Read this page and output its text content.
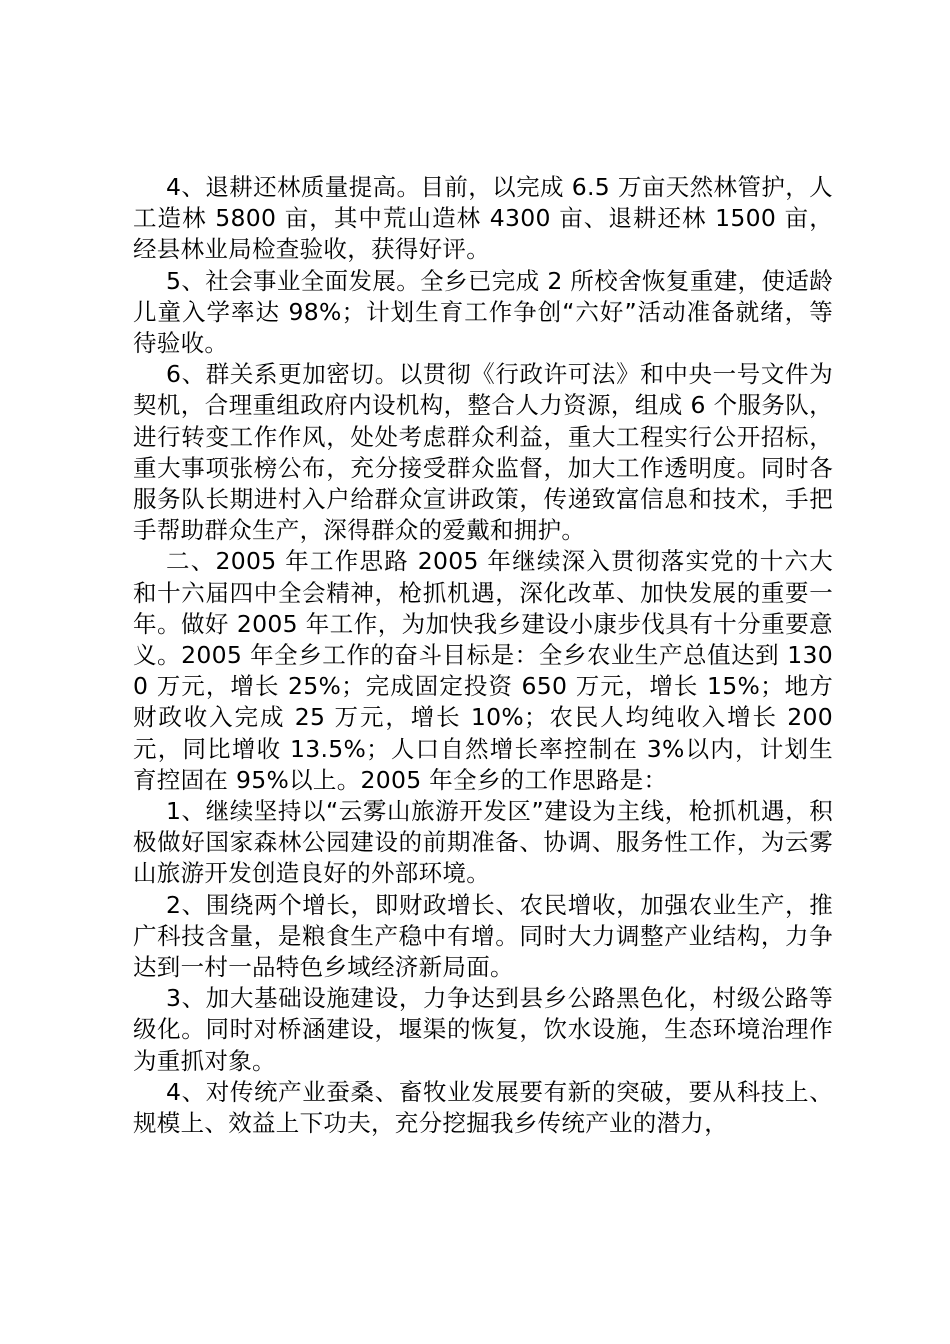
4、退耕还林质量提高。目前，以完成 6.5 万亩天然林管护，人工造林 5800 亩，其中荒山造林 4300 亩、退耕还林 1500 亩，经县林业局检查验收，获得好评。

5、社会事业全面发展。全乡已完成 2 所校舍恢复重建，使适龄儿童入学率达 98%；计划生育工作争创“六好”活动准备就绪，等待验收。

6、群关系更加密切。以贯彻《行政许可法》和中央一号文件为契机，合理重组政府内设机构，整合人力资源，组成 6 个服务队，进行转变工作作风，处处考虑群众利益，重大工程实行公开招标，重大事项张榜公布，充分接受群众监督，加大工作透明度。同时各服务队长期进村入户给群众宣讲政策，传递致富信息和技术，手把手帮助群众生产，深得群众的爱戴和拥护。

二、2005 年工作思路 2005 年继续深入贯彻落实党的十六大和十六届四中全会精神，枪抓机遇，深化改革、加快发展的重要一年。做好 2005 年工作，为加快我乡建设小康步伐具有十分重要意义。2005 年全乡工作的奋斗目标是：全乡农业生产总值达到 1300 万元，增长 25%；完成固定投资 650 万元，增长 15%；地方财政收入完成 25 万元，增长 10%；农民人均纯收入增长 200 元，同比增收 13.5%；人口自然增长率控制在 3%以内，计划生育控固在 95%以上。2005 年全乡的工作思路是：

1、继续坚持以“云雾山旅游开发区”建设为主线，枪抓机遇，积极做好国家森林公园建设的前期准备、协调、服务性工作，为云雾山旅游开发创造良好的外部环境。

2、围绕两个增长，即财政增长、农民增收，加强农业生产，推广科技含量，是粮食生产稳中有增。同时大力调整产业结构，力争达到一村一品特色乡域经济新局面。

3、加大基础设施建设，力争达到县乡公路黑色化，村级公路等级化。同时对桥涵建设，堰渠的恢复，饮水设施，生态环境治理作为重抓对象。

4、对传统产业蚕桑、畜牧业发展要有新的突破，要从科技上、规模上、效益上下功夫，充分挖掘我乡传统产业的潜力，
